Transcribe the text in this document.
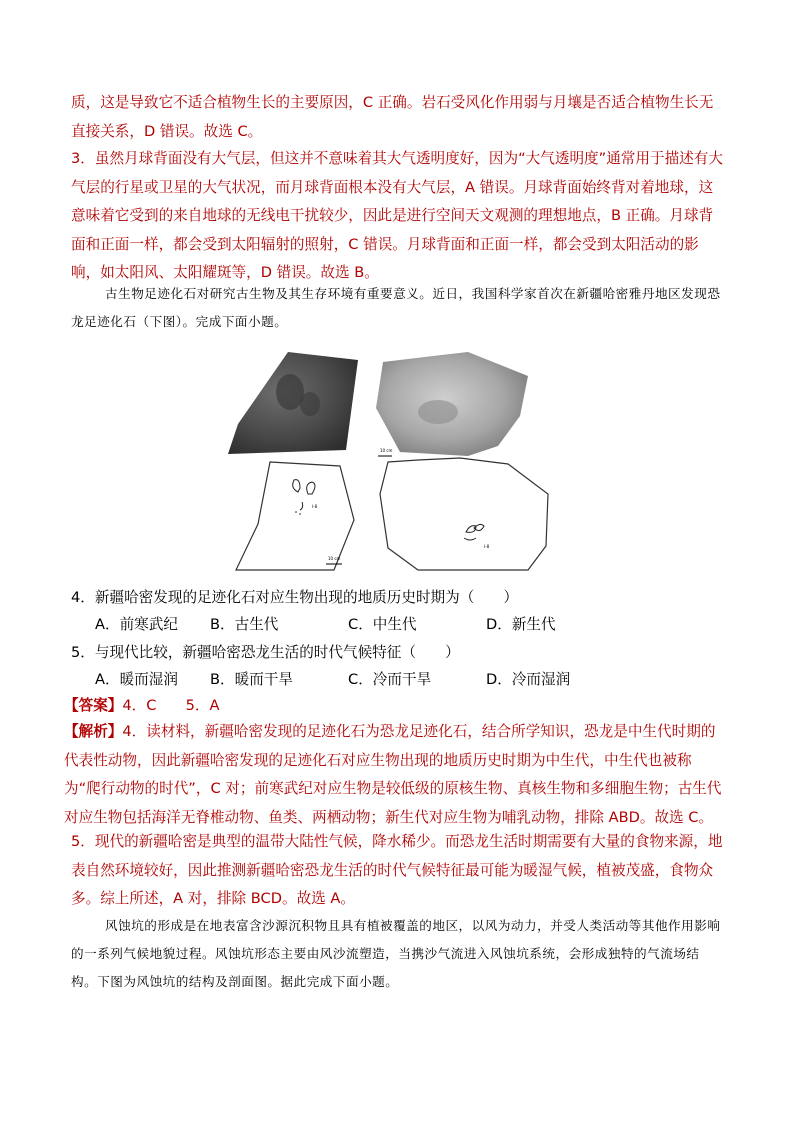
质，这是导致它不适合植物生长的主要原因，C 正确。岩石受风化作用弱与月壤是否适合植物生长无直接关系，D 错误。故选 C。

3．虽然月球背面没有大气层，但这并不意味着其大气透明度好，因为“大气透明度”通常用于描述有大气层的行星或卫星的大气状况，而月球背面根本没有大气层，A 错误。月球背面始终背对着地球，这意味着它受到的来自地球的无线电干扰较少，因此是进行空间天文观测的理想地点，B 正确。月球背面和正面一样，都会受到太阳辐射的照射，C 错误。月球背面和正面一样，都会受到太阳活动的影响，如太阳风、太阳耀斑等，D 错误。故选 B。

古生物足迹化石对研究古生物及其生存环境有重要意义。近日，我国科学家首次在新疆哈密雅丹地区发现恐龙足迹化石（下图）。完成下面小题。

10 cm
I-8
10 cm
I-8
4．新疆哈密发现的足迹化石对应生物出现的地质历史时期为（　　）
A．前寒武纪 B．古生代	C．中生代	D．新生代
5．与现代比较，新疆哈密恐龙生活的时代气候特征（　　）
A．暖而湿润 B．暖而干旱	C．冷而干旱	D．冷而湿润
【答案】4．C　　5．A

【解析】4．读材料，新疆哈密发现的足迹化石为恐龙足迹化石，结合所学知识，恐龙是中生代时期的代表性动物，因此新疆哈密发现的足迹化石对应生物出现的地质历史时期为中生代，中生代也被称为“爬行动物的时代”，C 对；前寒武纪对应生物是较低级的原核生物、真核生物和多细胞生物；古生代对应生物包括海洋无脊椎动物、鱼类、两栖动物；新生代对应生物为哺乳动物，排除 ABD。故选 C。

5．现代的新疆哈密是典型的温带大陆性气候，降水稀少。而恐龙生活时期需要有大量的食物来源，地表自然环境较好，因此推测新疆哈密恐龙生活的时代气候特征最可能为暖湿气候，植被茂盛，食物众多。综上所述，A 对，排除 BCD。故选 A。

风蚀坑的形成是在地表富含沙源沉积物且具有植被覆盖的地区，以风为动力，并受人类活动等其他作用影响的一系列气候地貌过程。风蚀坑形态主要由风沙流塑造，当携沙气流进入风蚀坑系统，会形成独特的气流场结构。下图为风蚀坑的结构及剖面图。据此完成下面小题。
